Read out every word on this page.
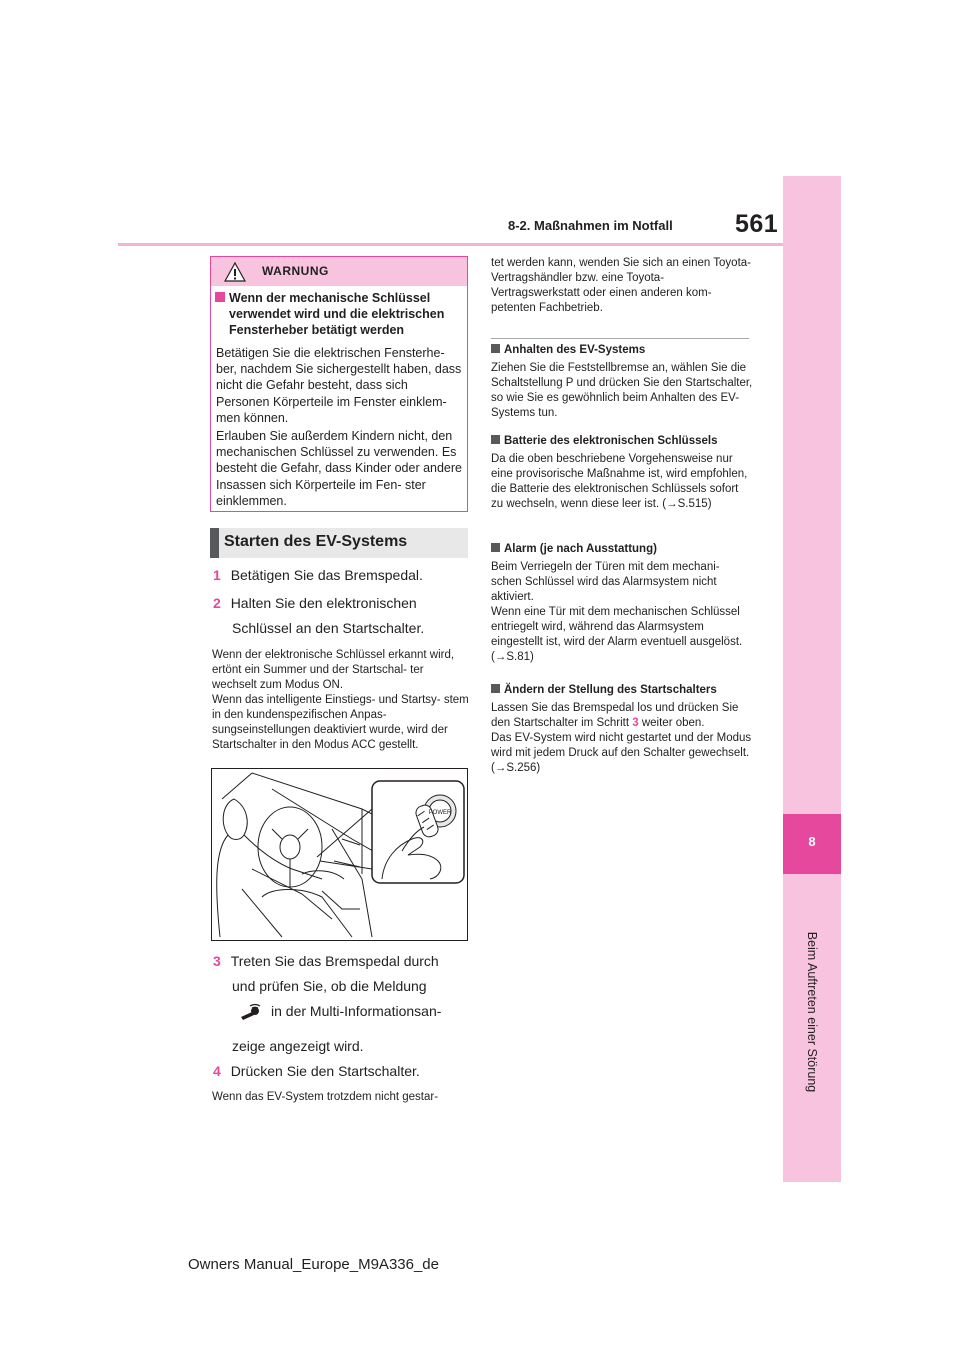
561
8-2. Maßnahmen im Notfall
8
Beim Auftreten einer Störung
WARNUNG
Wenn der mechanische Schlüssel verwendet wird und die elektrischen Fensterheber betätigt werden
Betätigen Sie die elektrischen Fensterhe- ber, nachdem Sie sichergestellt haben, dass nicht die Gefahr besteht, dass sich Personen Körperteile im Fenster einklem- men können.
Erlauben Sie außerdem Kindern nicht, den mechanischen Schlüssel zu verwenden. Es besteht die Gefahr, dass Kinder oder andere Insassen sich Körperteile im Fen- ster einklemmen.
Starten des EV-Systems
1 Betätigen Sie das Bremspedal.
2 Halten Sie den elektronischen
Schlüssel an den Startschalter.
Wenn der elektronische Schlüssel erkannt wird, ertönt ein Summer und der Startschal- ter wechselt zum Modus ON.
Wenn das intelligente Einstiegs- und Startsy- stem in den kundenspezifischen Anpas- sungseinstellungen deaktiviert wurde, wird der Startschalter in den Modus ACC gestellt.
POWER
3 Treten Sie das Bremspedal durch
und prüfen Sie, ob die Meldung
in der Multi-Informationsan-
zeige angezeigt wird.
4 Drücken Sie den Startschalter.
Wenn das EV-System trotzdem nicht gestar-
tet werden kann, wenden Sie sich an einen Toyota-Vertragshändler bzw. eine Toyota- Vertragswerkstatt oder einen anderen kom- petenten Fachbetrieb.
Anhalten des EV-Systems
Ziehen Sie die Feststellbremse an, wählen Sie die Schaltstellung P und drücken Sie den Startschalter, so wie Sie es gewöhnlich beim Anhalten des EV-Systems tun.
Batterie des elektronischen Schlüssels
Da die oben beschriebene Vorgehensweise nur eine provisorische Maßnahme ist, wird empfohlen, die Batterie des elektronischen Schlüssels sofort zu wechseln, wenn diese leer ist. (→S.515)
Alarm (je nach Ausstattung)
Beim Verriegeln der Türen mit dem mechani- schen Schlüssel wird das Alarmsystem nicht aktiviert.
Wenn eine Tür mit dem mechanischen Schlüssel entriegelt wird, während das Alarmsystem eingestellt ist, wird der Alarm eventuell ausgelöst. (→S.81)
Ändern der Stellung des Startschalters
Lassen Sie das Bremspedal los und drücken Sie den Startschalter im Schritt 3 weiter oben.
Das EV-System wird nicht gestartet und der Modus wird mit jedem Druck auf den Schalter gewechselt. (→S.256)
Owners Manual_Europe_M9A336_de
